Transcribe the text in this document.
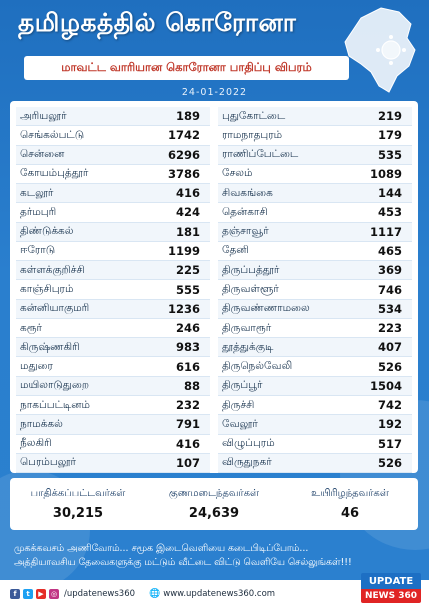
தமிழகத்தில் கொரோனா
மாவட்ட வாரியான கொரோனா பாதிப்பு விபரம்
24-01-2022
அரியலூர்	189
செங்கல்பட்டு	1742
சென்னை	6296
கோயம்புத்தூர்	3786
கடலூர்	416
தர்மபுரி	424
திண்டுக்கல்	181
ஈரோடு	1199
கள்ளக்குறிச்சி	225
காஞ்சிபுரம்	555
கன்னியாகுமரி	1236
கரூர்	246
கிருஷ்ணகிரி	983
மதுரை	616
மயிலாடுதுறை	88
நாகப்பட்டினம்	232
நாமக்கல்	791
நீலகிரி	416
பெரம்பலூர்	107
புதுகோட்டை	219
ராமநாதபுரம்	179
ராணிப்பேட்டை	535
சேலம்	1089
சிவகங்கை	144
தென்காசி	453
தஞ்சாவூர்	1117
தேனி	465
திருப்பத்தூர்	369
திருவள்ளூர்	746
திருவண்ணாமலை	534
திருவாரூர்	223
தூத்துக்குடி	407
திருநெல்வேலி	526
திருப்பூர்	1504
திருச்சி	742
வேலூர்	192
விழுப்புரம்	517
விருதுநகர்	526
பாதிக்கப்பட்டவர்கள்
30,215
குணமடைந்தவர்கள்
24,639
உயிரிழந்தவர்கள்
46
முகக்கவசம் அணிவோம்... சமூக இடைவெளியை கடைபிடிப்போம்...
அத்தியாவசிய தேவைகளுக்கு மட்டும் வீட்டை விட்டு வெளியே செல்லுங்கள்!!!
f	t	▶	◎ /updatenews360 🌐 www.updatenews360.com
UPDATE
NEWS 360
